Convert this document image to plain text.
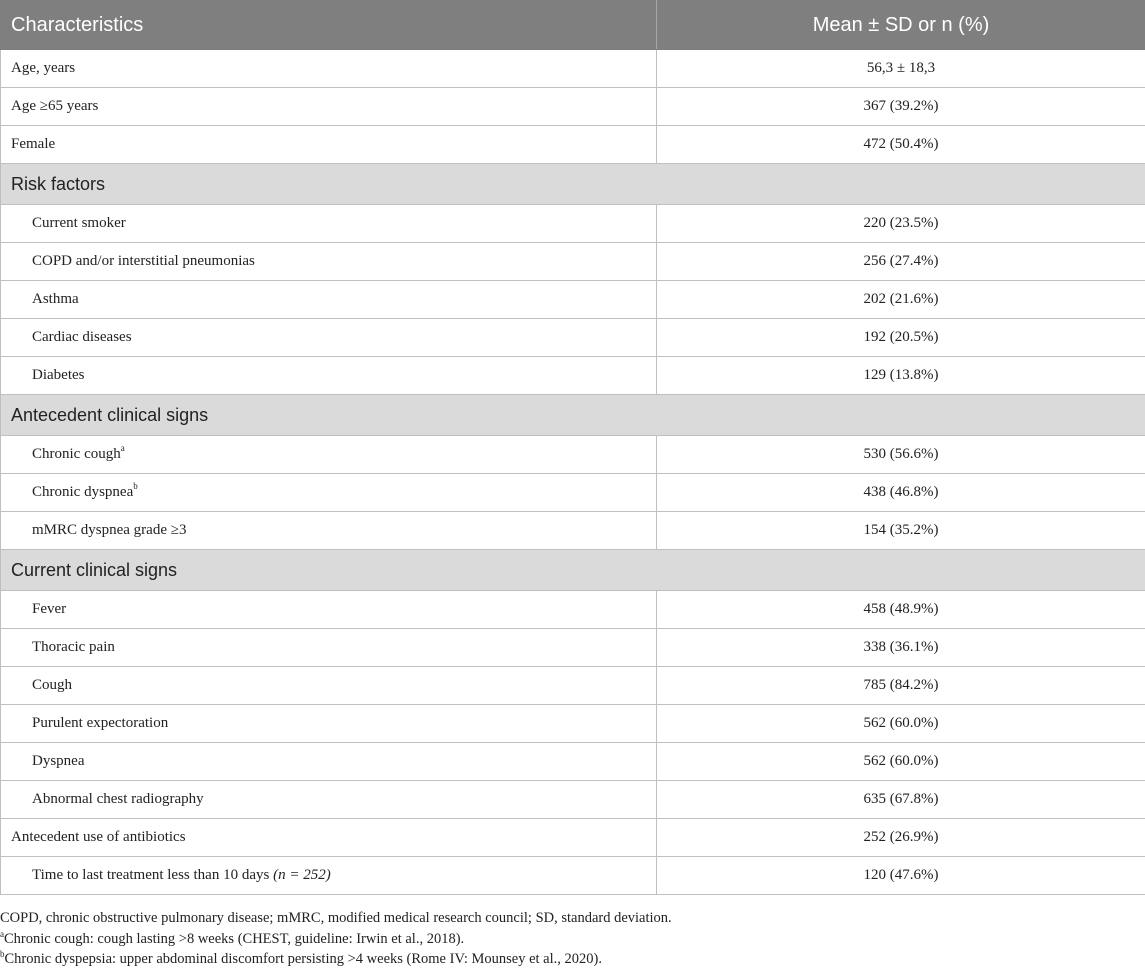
Characteristics	Mean ± SD or n (%)
Age, years	56,3 ± 18,3
Age ≥65 years	367 (39.2%)
Female	472 (50.4%)
Risk factors	
Current smoker	220 (23.5%)
COPD and/or interstitial pneumonias	256 (27.4%)
Asthma	202 (21.6%)
Cardiac diseases	192 (20.5%)
Diabetes	129 (13.8%)
Antecedent clinical signs	
Chronic cough$^a$	530 (56.6%)
Chronic dyspnea$^b$	438 (46.8%)
mMRC dyspnea grade ≥3	154 (35.2%)
Current clinical signs	
Fever	458 (48.9%)
Thoracic pain	338 (36.1%)
Cough	785 (84.2%)
Purulent expectoration	562 (60.0%)
Dyspnea	562 (60.0%)
Abnormal chest radiography	635 (67.8%)
Antecedent use of antibiotics	252 (26.9%)
Time to last treatment less than 10 days (n = 252)	120 (47.6%)
COPD, chronic obstructive pulmonary disease; mMRC, modified medical research council; SD, standard deviation.
$^a$Chronic cough: cough lasting >8 weeks (CHEST, guideline: Irwin et al., 2018).
$^b$Chronic dyspepsia: upper abdominal discomfort persisting >4 weeks (Rome IV: Mounsey et al., 2020).
